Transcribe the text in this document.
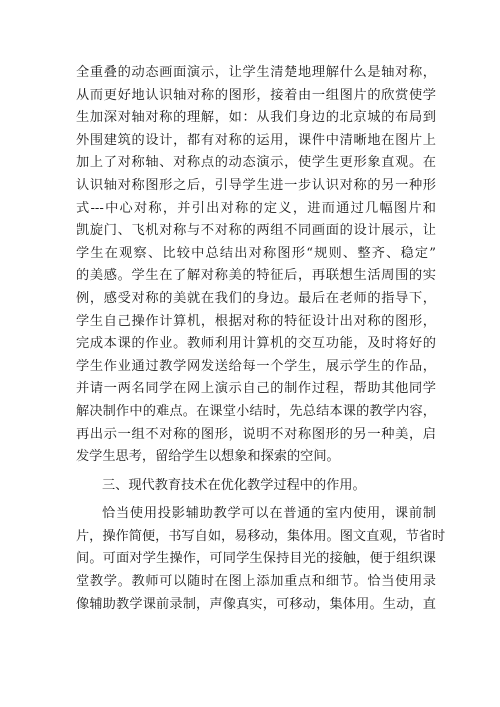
全重叠的动态画面演示，让学生清楚地理解什么是轴对称，
从而更好地认识轴对称的图形，接着由一组图片的欣赏使学
生加深对轴对称的理解，如：从我们身边的北京城的布局到
外围建筑的设计，都有对称的运用，课件中清晰地在图片上
加上了对称轴、对称点的动态演示，使学生更形象直观。在
认识轴对称图形之后，引导学生进一步认识对称的另一种形
式---中心对称，并引出对称的定义，进而通过几幅图片和
凯旋门、飞机对称与不对称的两组不同画面的设计展示，让
学生在观察、比较中总结出对称图形“规则、整齐、稳定”
的美感。学生在了解对称美的特征后，再联想生活周围的实
例，感受对称的美就在我们的身边。最后在老师的指导下，
学生自己操作计算机，根据对称的特征设计出对称的图形，
完成本课的作业。教师利用计算机的交互功能，及时将好的
学生作业通过教学网发送给每一个学生，展示学生的作品，
并请一两名同学在网上演示自己的制作过程，帮助其他同学
解决制作中的难点。在课堂小结时，先总结本课的教学内容，
再出示一组不对称的图形，说明不对称图形的另一种美，启
发学生思考，留给学生以想象和探索的空间。
三、现代教育技术在优化教学过程中的作用。
恰当使用投影辅助教学可以在普通的室内使用，课前制
片，操作简便，书写自如，易移动，集体用。图文直观，节省时
间。可面对学生操作，可同学生保持目光的接触，便于组织课
堂教学。教师可以随时在图上添加重点和细节。恰当使用录
像辅助教学课前录制，声像真实，可移动，集体用。生动，直
